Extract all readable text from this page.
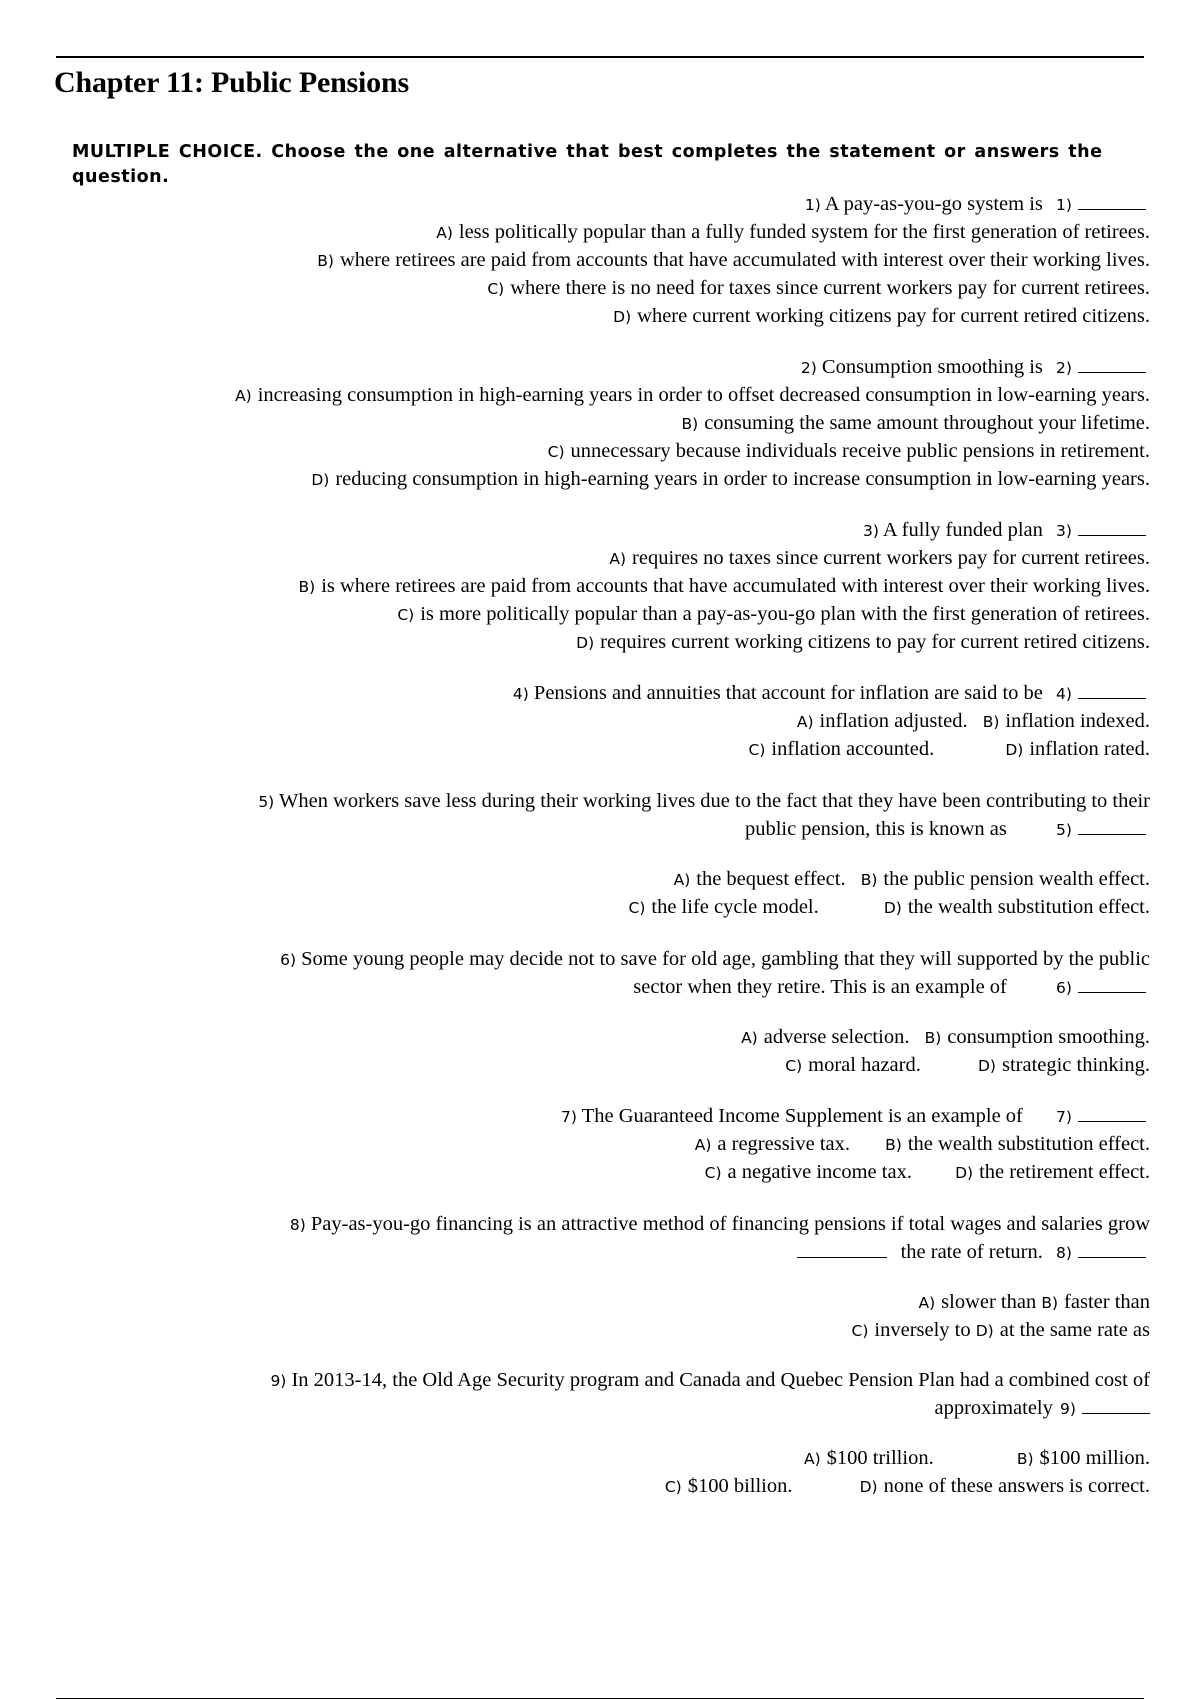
Chapter 11: Public Pensions
MULTIPLE CHOICE. Choose the one alternative that best completes the statement or answers the question.
1) A pay-as-you-go system is 1)
A) less politically popular than a fully funded system for the first generation of retirees.
B) where retirees are paid from accounts that have accumulated with interest over their working lives.
C) where there is no need for taxes since current workers pay for current retirees.
D) where current working citizens pay for current retired citizens.
2) Consumption smoothing is 2)
A) increasing consumption in high-earning years in order to offset decreased consumption in low-earning years.
B) consuming the same amount throughout your lifetime.
C) unnecessary because individuals receive public pensions in retirement.
D) reducing consumption in high-earning years in order to increase consumption in low-earning years.
3) A fully funded plan 3)
A) requires no taxes since current workers pay for current retirees.
B) is where retirees are paid from accounts that have accumulated with interest over their working lives.
C) is more politically popular than a pay-as-you-go plan with the first generation of retirees.
D) requires current working citizens to pay for current retired citizens.
4) Pensions and annuities that account for inflation are said to be 4)
A) inflation adjusted. B) inflation indexed.
C) inflation accounted.	D) inflation rated.
5) When workers save less during their working lives due to the fact that they have been contributing to their
public pension, this is known as	5)
A) the bequest effect. B) the public pension wealth effect.
C) the life cycle model.	D) the wealth substitution effect.
6) Some young people may decide not to save for old age, gambling that they will supported by the public
sector when they retire. This is an example of	6)
A) adverse selection. B) consumption smoothing.
C) moral hazard.	D) strategic thinking.
7) The Guaranteed Income Supplement is an example of 7)
A) a regressive tax. B) the wealth substitution effect.
C) a negative income tax.	D) the retirement effect.
8) Pay-as-you-go financing is an attractive method of financing pensions if total wages and salaries grow
the rate of return. 8)
A) slower than B) faster than
C) inversely to D) at the same rate as
9) In 2013-14, the Old Age Security program and Canada and Quebec Pension Plan had a combined cost of
approximately 9)
A) $100 trillion.	B) $100 million.
C) $100 billion.	D) none of these answers is correct.
